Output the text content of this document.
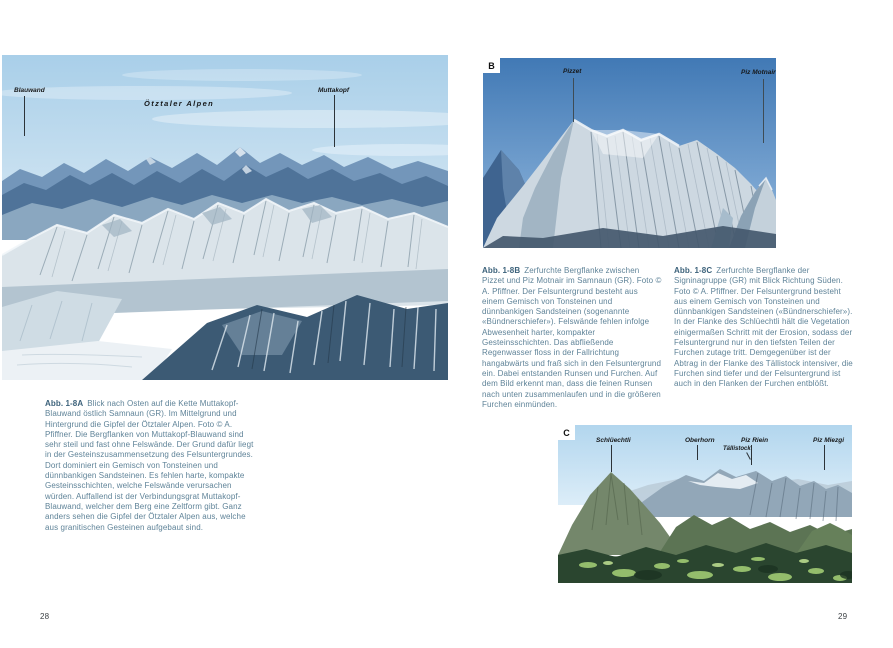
Blauwand
Ötztaler Alpen
Muttakopf
Abb. 1-8A Blick nach Osten auf die Kette Muttakopf-Blauwand östlich Samnaun (GR). Im Mittelgrund und Hintergrund die Gipfel der Ötztaler Alpen. Foto © A. Pfiffner. Die Bergflanken von Muttakopf-Blauwand sind sehr steil und fast ohne Felswände. Der Grund dafür liegt in der Gesteinszusammensetzung des Felsuntergrundes. Dort dominiert ein Gemisch von Tonsteinen und dünnbankigen Sandsteinen. Es fehlen harte, kompakte Gesteinsschichten, welche Felswände verursachen würden. Auffallend ist der Verbindungsgrat Muttakopf-Blauwand, welcher dem Berg eine Zeltform gibt. Ganz anders sehen die Gipfel der Ötztaler Alpen aus, welche aus granitischen Gesteinen aufgebaut sind.
B
Pizzet	Piz Motnair
Abb. 1-8B Zerfurchte Bergflanke zwischen Pizzet und Piz Motnair im Samnaun (GR). Foto © A. Pfiffner. Der Felsuntergrund besteht aus einem Gemisch von Tonsteinen und dünnbankigen Sandsteinen (sogenannte «Bündnerschiefer»). Felswände fehlen infolge Abwesenheit harter, kompakter Gesteinsschichten. Das abfließende Regenwasser floss in der Fallrichtung hangabwärts und fraß sich in den Felsuntergrund ein. Dabei entstanden Runsen und Furchen. Auf dem Bild erkennt man, dass die feinen Runsen nach unten zusammenlaufen und in die größeren Furchen einmünden.
Abb. 1-8C Zerfurchte Bergflanke der Signinagruppe (GR) mit Blick Richtung Süden. Foto © A. Pfiffner. Der Felsuntergrund besteht aus einem Gemisch von Tonsteinen und dünnbankigen Sandsteinen («Bündnerschiefer»). In der Flanke des Schlüechtli hält die Vegetation einigermaßen Schritt mit der Erosion, sodass der Felsuntergrund nur in den tiefsten Teilen der Furchen zutage tritt. Demgegenüber ist der Abtrag in der Flanke des Tällistock intensiver, die Furchen sind tiefer und der Felsuntergrund ist auch in den Flanken der Furchen entblößt.
C
Schlüechtli	Oberhorn	Piz Riein
Tällistock
Piz Miezgi
28	29
